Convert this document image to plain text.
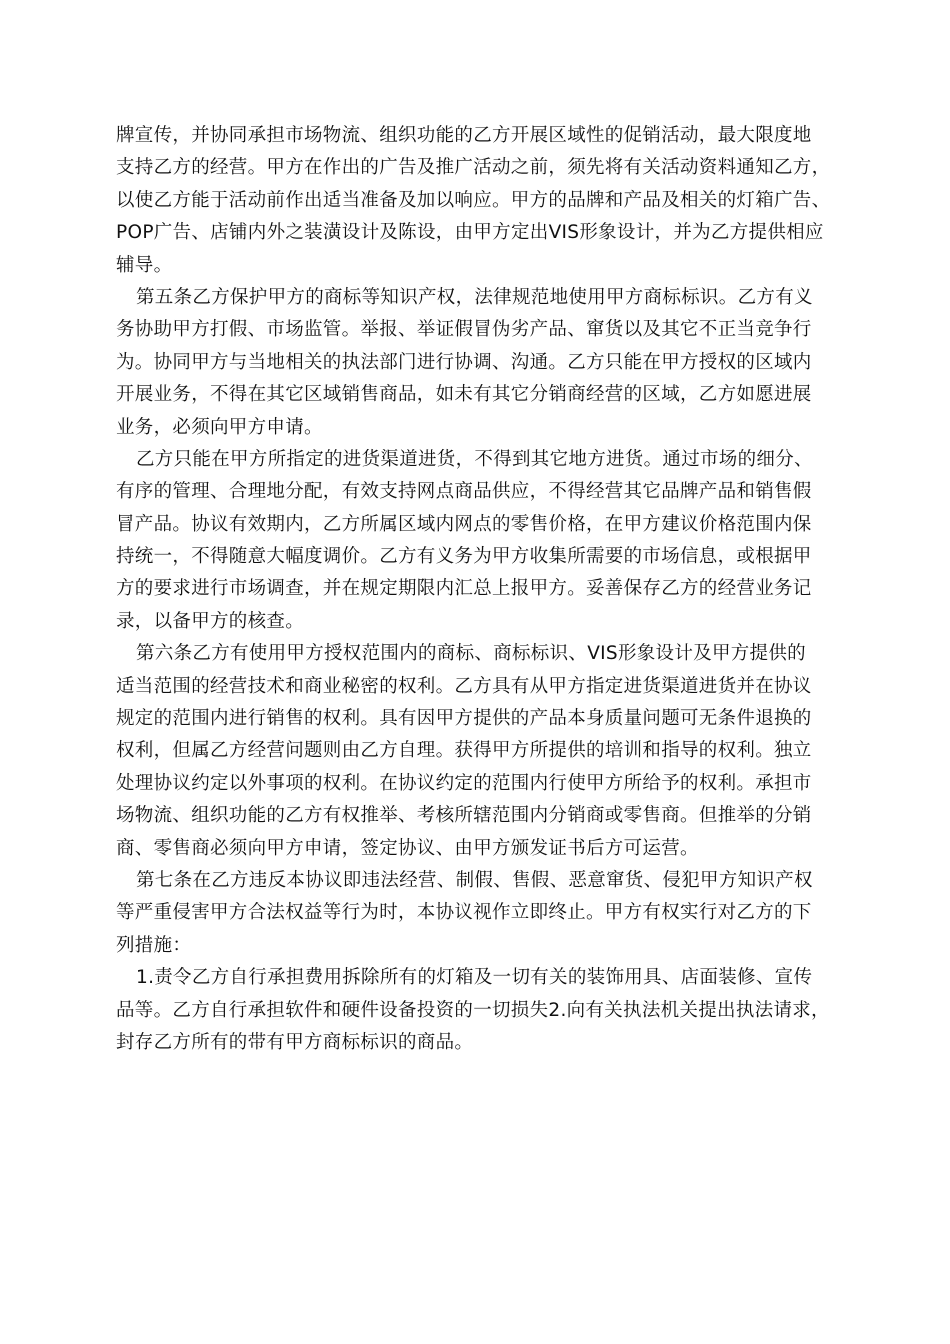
牌宣传，并协同承担市场物流、组织功能的乙方开展区域性的促销活动，最大限度地
支持乙方的经营。甲方在作出的广告及推广活动之前，须先将有关活动资料通知乙方，
以使乙方能于活动前作出适当准备及加以响应。甲方的品牌和产品及相关的灯箱广告、
POP广告、店铺内外之装潢设计及陈设，由甲方定出VIS形象设计，并为乙方提供相应
辅导。
第五条乙方保护甲方的商标等知识产权，法律规范地使用甲方商标标识。乙方有义
务协助甲方打假、市场监管。举报、举证假冒伪劣产品、窜货以及其它不正当竞争行
为。协同甲方与当地相关的执法部门进行协调、沟通。乙方只能在甲方授权的区域内
开展业务，不得在其它区域销售商品，如未有其它分销商经营的区域，乙方如愿进展
业务，必须向甲方申请。
乙方只能在甲方所指定的进货渠道进货，不得到其它地方进货。通过市场的细分、
有序的管理、合理地分配，有效支持网点商品供应，不得经营其它品牌产品和销售假
冒产品。协议有效期内，乙方所属区域内网点的零售价格，在甲方建议价格范围内保
持统一，不得随意大幅度调价。乙方有义务为甲方收集所需要的市场信息，或根据甲
方的要求进行市场调查，并在规定期限内汇总上报甲方。妥善保存乙方的经营业务记
录，以备甲方的核查。
第六条乙方有使用甲方授权范围内的商标、商标标识、VIS形象设计及甲方提供的
适当范围的经营技术和商业秘密的权利。乙方具有从甲方指定进货渠道进货并在协议
规定的范围内进行销售的权利。具有因甲方提供的产品本身质量问题可无条件退换的
权利，但属乙方经营问题则由乙方自理。获得甲方所提供的培训和指导的权利。独立
处理协议约定以外事项的权利。在协议约定的范围内行使甲方所给予的权利。承担市
场物流、组织功能的乙方有权推举、考核所辖范围内分销商或零售商。但推举的分销
商、零售商必须向甲方申请，签定协议、由甲方颁发证书后方可运营。
第七条在乙方违反本协议即违法经营、制假、售假、恶意窜货、侵犯甲方知识产权
等严重侵害甲方合法权益等行为时，本协议视作立即终止。甲方有权实行对乙方的下
列措施：
1.责令乙方自行承担费用拆除所有的灯箱及一切有关的装饰用具、店面装修、宣传
品等。乙方自行承担软件和硬件设备投资的一切损失2.向有关执法机关提出执法请求，
封存乙方所有的带有甲方商标标识的商品。
